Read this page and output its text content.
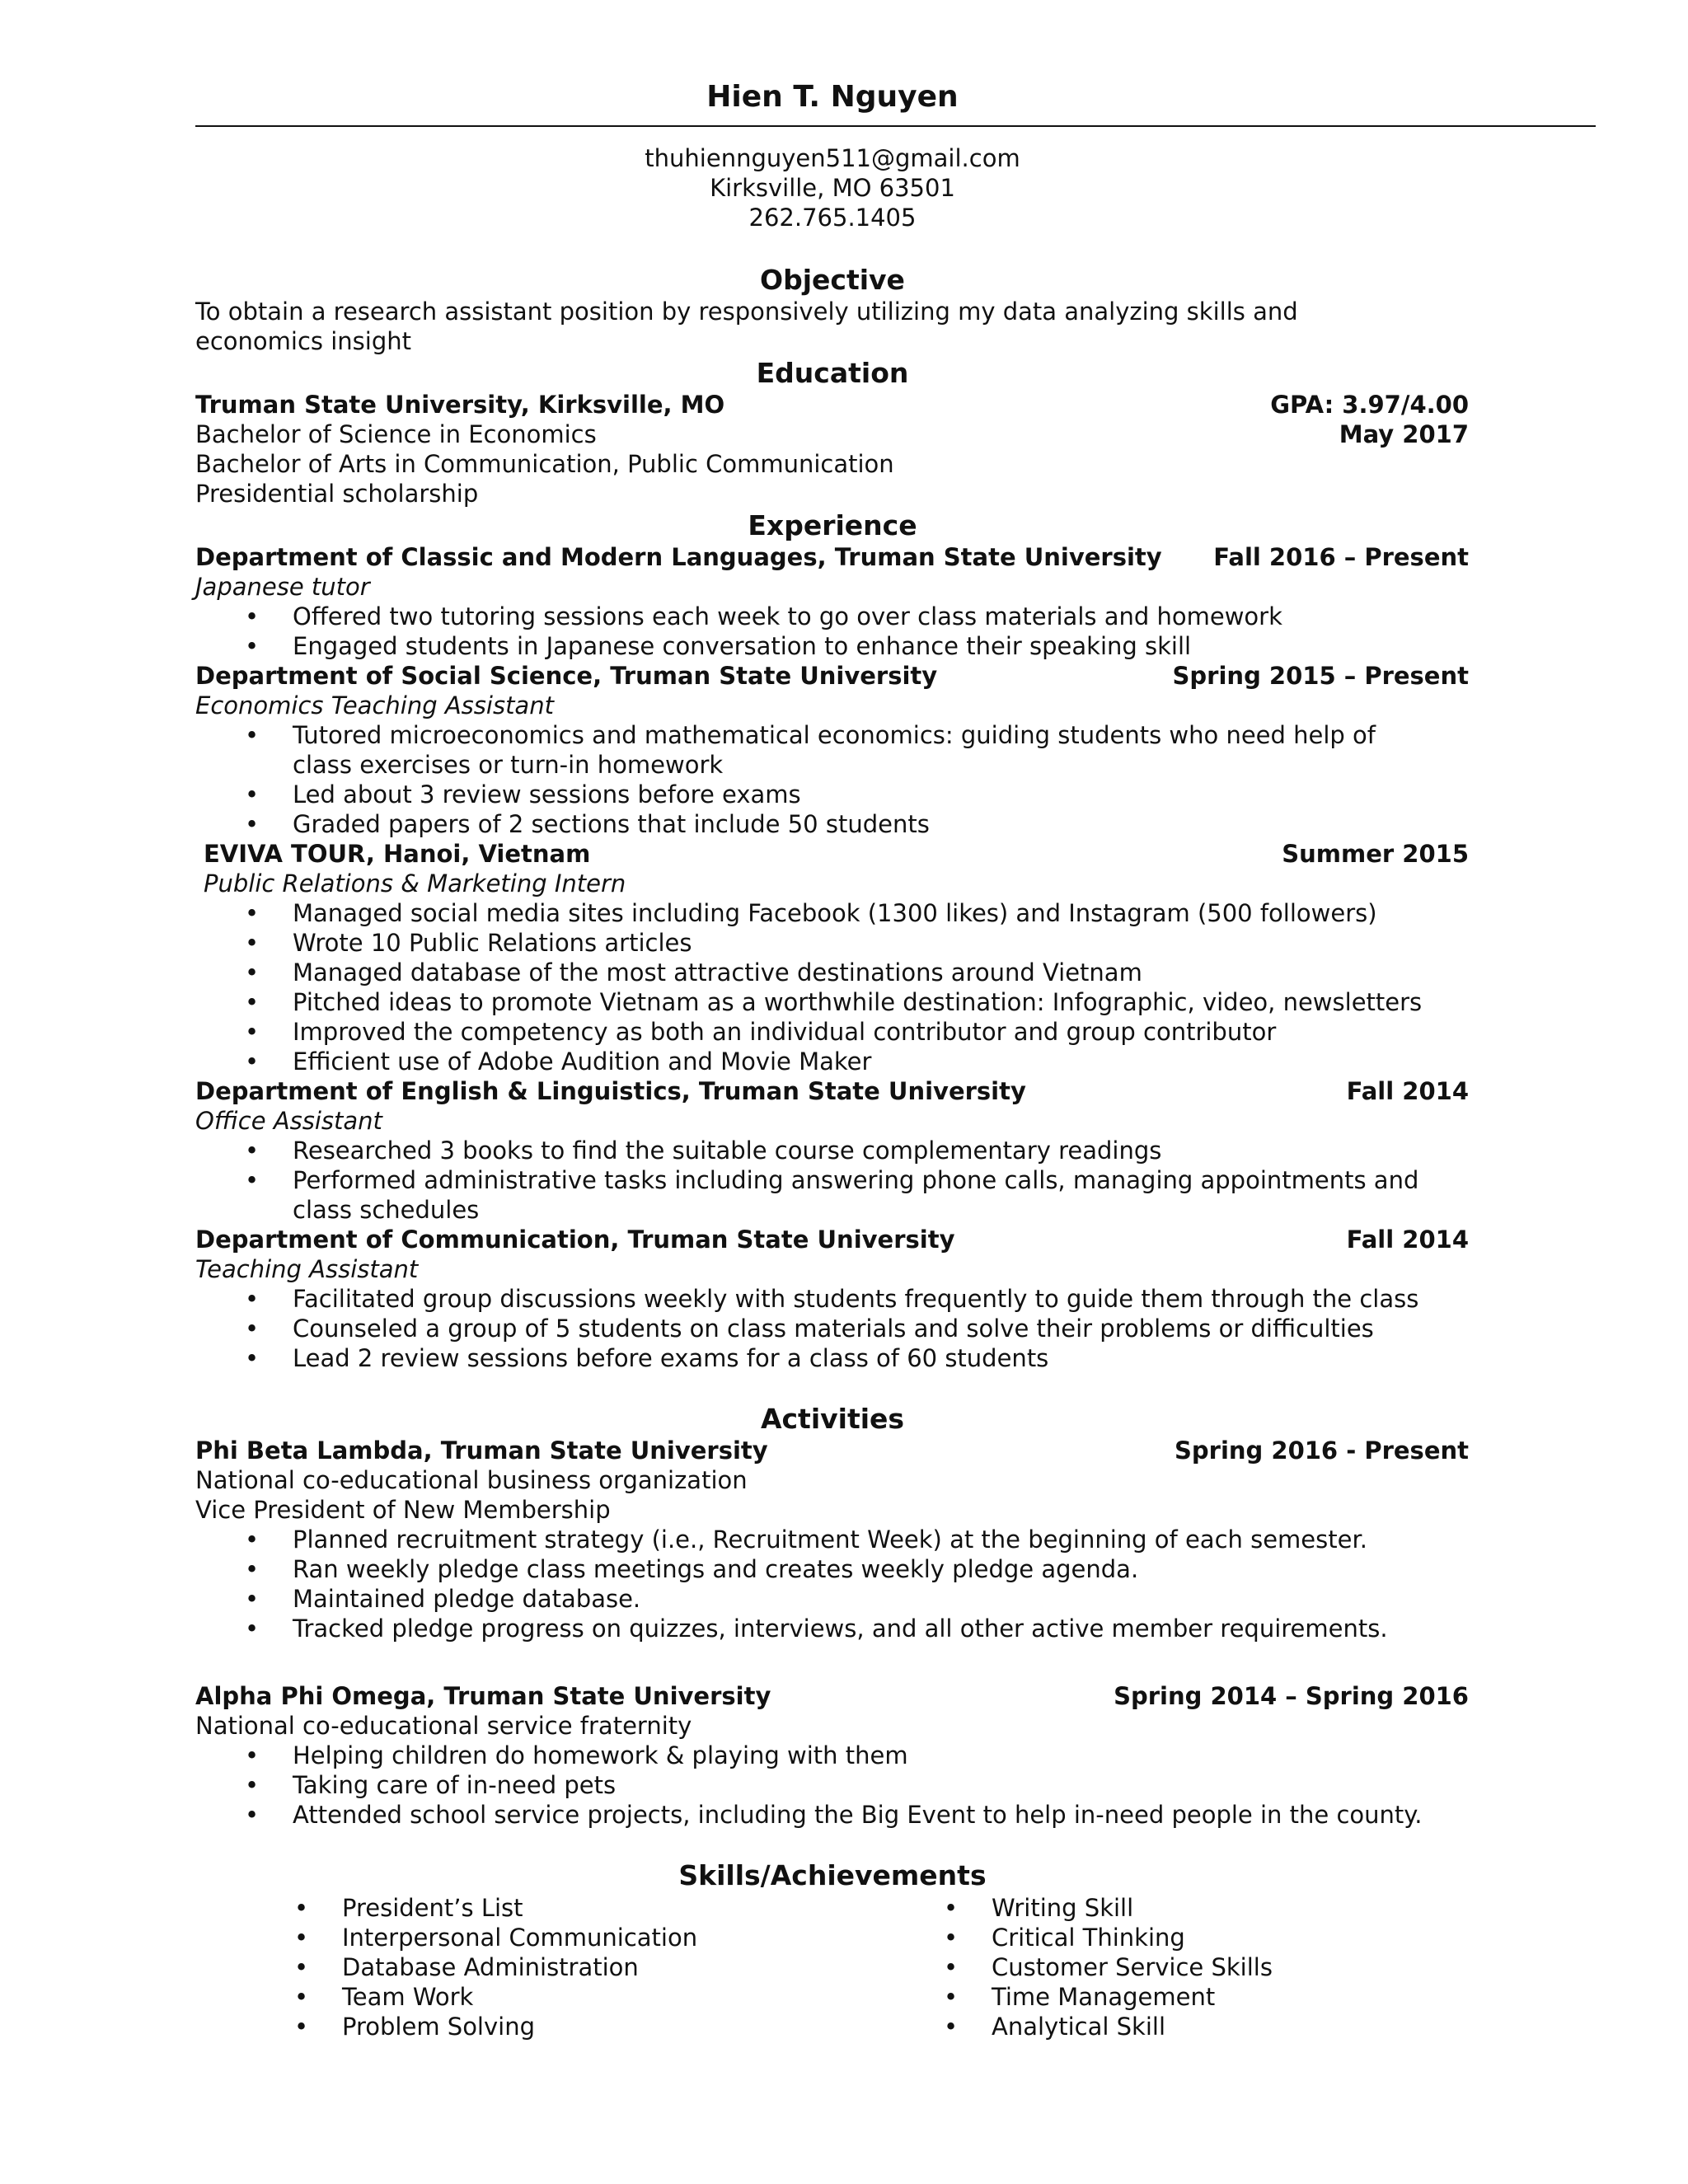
Hien T. Nguyen
thuhiennguyen511@gmail.com
Kirksville, MO 63501
262.765.1405
Objective
To obtain a research assistant position by responsively utilizing my data analyzing skills and
economics insight
Education
Truman State University, Kirksville, MO	GPA: 3.97/4.00
Bachelor of Science in Economics	May 2017
Bachelor of Arts in Communication, Public Communication
Presidential scholarship
Experience
Department of Classic and Modern Languages, Truman State University Fall 2016 – Present
Japanese tutor
• Offered two tutoring sessions each week to go over class materials and homework
• Engaged students in Japanese conversation to enhance their speaking skill
Department of Social Science, Truman State University	Spring 2015 – Present
Economics Teaching Assistant
• Tutored microeconomics and mathematical economics: guiding students who need help of
class exercises or turn-in homework
• Led about 3 review sessions before exams
• Graded papers of 2 sections that include 50 students
EVIVA TOUR, Hanoi, Vietnam	Summer 2015
Public Relations & Marketing Intern
• Managed social media sites including Facebook (1300 likes) and Instagram (500 followers)
• Wrote 10 Public Relations articles
• Managed database of the most attractive destinations around Vietnam
• Pitched ideas to promote Vietnam as a worthwhile destination: Infographic, video, newsletters
• Improved the competency as both an individual contributor and group contributor
• Efficient use of Adobe Audition and Movie Maker
Department of English & Linguistics, Truman State University	Fall 2014
Office Assistant
• Researched 3 books to find the suitable course complementary readings
• Performed administrative tasks including answering phone calls, managing appointments and
class schedules
Department of Communication, Truman State University	Fall 2014
Teaching Assistant
• Facilitated group discussions weekly with students frequently to guide them through the class
• Counseled a group of 5 students on class materials and solve their problems or difficulties
• Lead 2 review sessions before exams for a class of 60 students
Activities
Phi Beta Lambda, Truman State University	Spring 2016 - Present
National co-educational business organization
Vice President of New Membership
• Planned recruitment strategy (i.e., Recruitment Week) at the beginning of each semester.
• Ran weekly pledge class meetings and creates weekly pledge agenda.
• Maintained pledge database.
• Tracked pledge progress on quizzes, interviews, and all other active member requirements.
Alpha Phi Omega, Truman State University	Spring 2014 – Spring 2016
National co-educational service fraternity
• Helping children do homework & playing with them
• Taking care of in-need pets
• Attended school service projects, including the Big Event to help in-need people in the county.
Skills/Achievements
• President’s List
• Interpersonal Communication
• Database Administration
• Team Work
• Problem Solving
• Writing Skill
• Critical Thinking
• Customer Service Skills
• Time Management
• Analytical Skill
